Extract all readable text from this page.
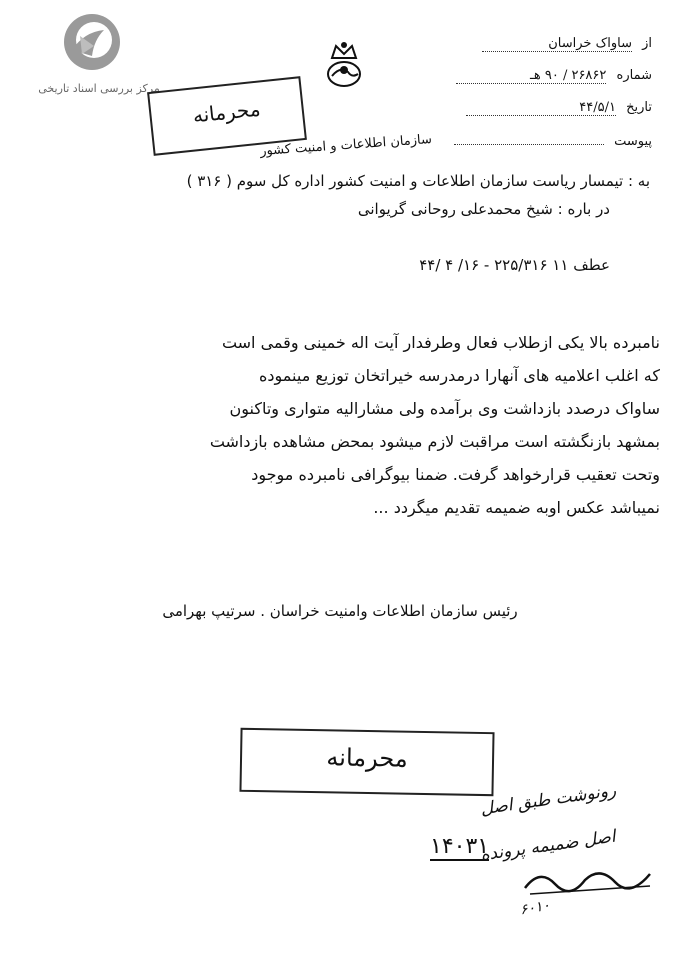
مرکز بررسی اسناد تاریخی
از ساواک خراسان
شماره ۲۶۸۶۲ / ۹۰ هـ
تاریخ ۴۴/۵/۱
پیوست
محرمانه
سازمان اطلاعات و امنیت کشور
به : تیمسار ریاست سازمان اطلاعات و امنیت کشور اداره کل سوم ( ۳۱۶ )
در باره : شیخ محمدعلی روحانی گریوانی
عطف ۱۱ ۲۲۵/۳۱۶ - ۱۶/ ۴ /۴۴

نامبرده بالا یکی ازطلاب فعال وطرفدار آیت اله خمینی وقمی است

که اغلب اعلامیه های آنهارا درمدرسه خیراتخان توزیع مینموده

ساواک درصدد بازداشت وی برآمده ولی مشارالیه متواری وتاکنون

بمشهد بازنگشته است مراقبت لازم میشود بمحض مشاهده بازداشت

وتحت تعقیب قرارخواهد گرفت. ضمنا بیوگرافی نامبرده موجود

نمیباشد عکس اوبه ضمیمه تقدیم میگردد ...

رئیس سازمان اطلاعات وامنیت خراسان . سرتیپ بهرامی
محرمانه
رونوشت طبق اصل
اصل ضمیمه پرونده
۱۴۰۳۱
۶۰۱۰
